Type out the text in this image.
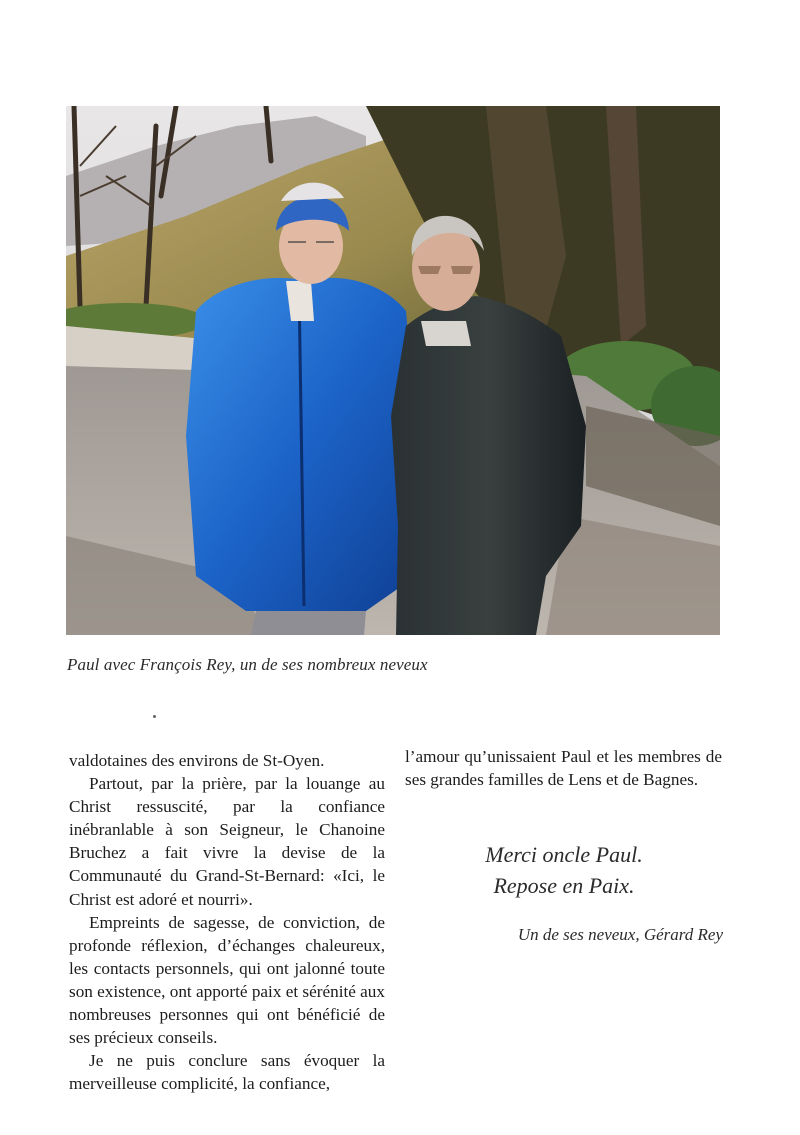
Paul avec François Rey, un de ses nombreux neveux

valdotaines des environs de St-Oyen.

Partout, par la prière, par la louange au Christ ressuscité, par la confiance inébranlable à son Seigneur, le Chanoine Bruchez a fait vivre la devise de la Communauté du Grand-St-Bernard: «Ici, le Christ est adoré et nourri».

Empreints de sagesse, de conviction, de profonde réflexion, d’échanges chaleureux, les contacts personnels, qui ont jalonné toute son existence, ont apporté paix et sérénité aux nombreuses personnes qui ont bénéficié de ses précieux conseils.

Je ne puis conclure sans évoquer la merveilleuse complicité, la confiance,

l’amour qu’unissaient Paul et les membres de ses grandes familles de Lens et de Bagnes.

Merci oncle Paul.
Repose en Paix.
Un de ses neveux, Gérard Rey
